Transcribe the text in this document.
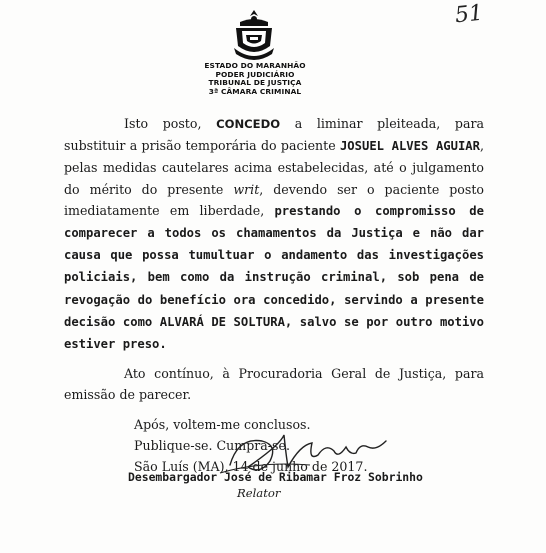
51
ESTADO DO MARANHÃO
PODER JUDICIÁRIO
TRIBUNAL DE JUSTIÇA
3ª CÂMARA CRIMINAL

Isto posto, CONCEDO a liminar pleiteada, para substituir a prisão temporária do paciente JOSUEL ALVES AGUIAR, pelas medidas cautelares acima estabelecidas, até o julgamento do mérito do presente writ, devendo ser o paciente posto imediatamente em liberdade, prestando o compromisso de comparecer a todos os chamamentos da Justiça e não dar causa que possa tumultuar o andamento das investigações policiais, bem como da instrução criminal, sob pena de revogação do benefício ora concedido, servindo a presente decisão como ALVARÁ DE SOLTURA, salvo se por outro motivo estiver preso.

Ato contínuo, à Procuradoria Geral de Justiça, para emissão de parecer.

Após, voltem-me conclusos.

Publique-se. Cumpra-se.

São Luís (MA), 14 de junho de 2017.

Desembargador José de Ribamar Froz Sobrinho
Relator
